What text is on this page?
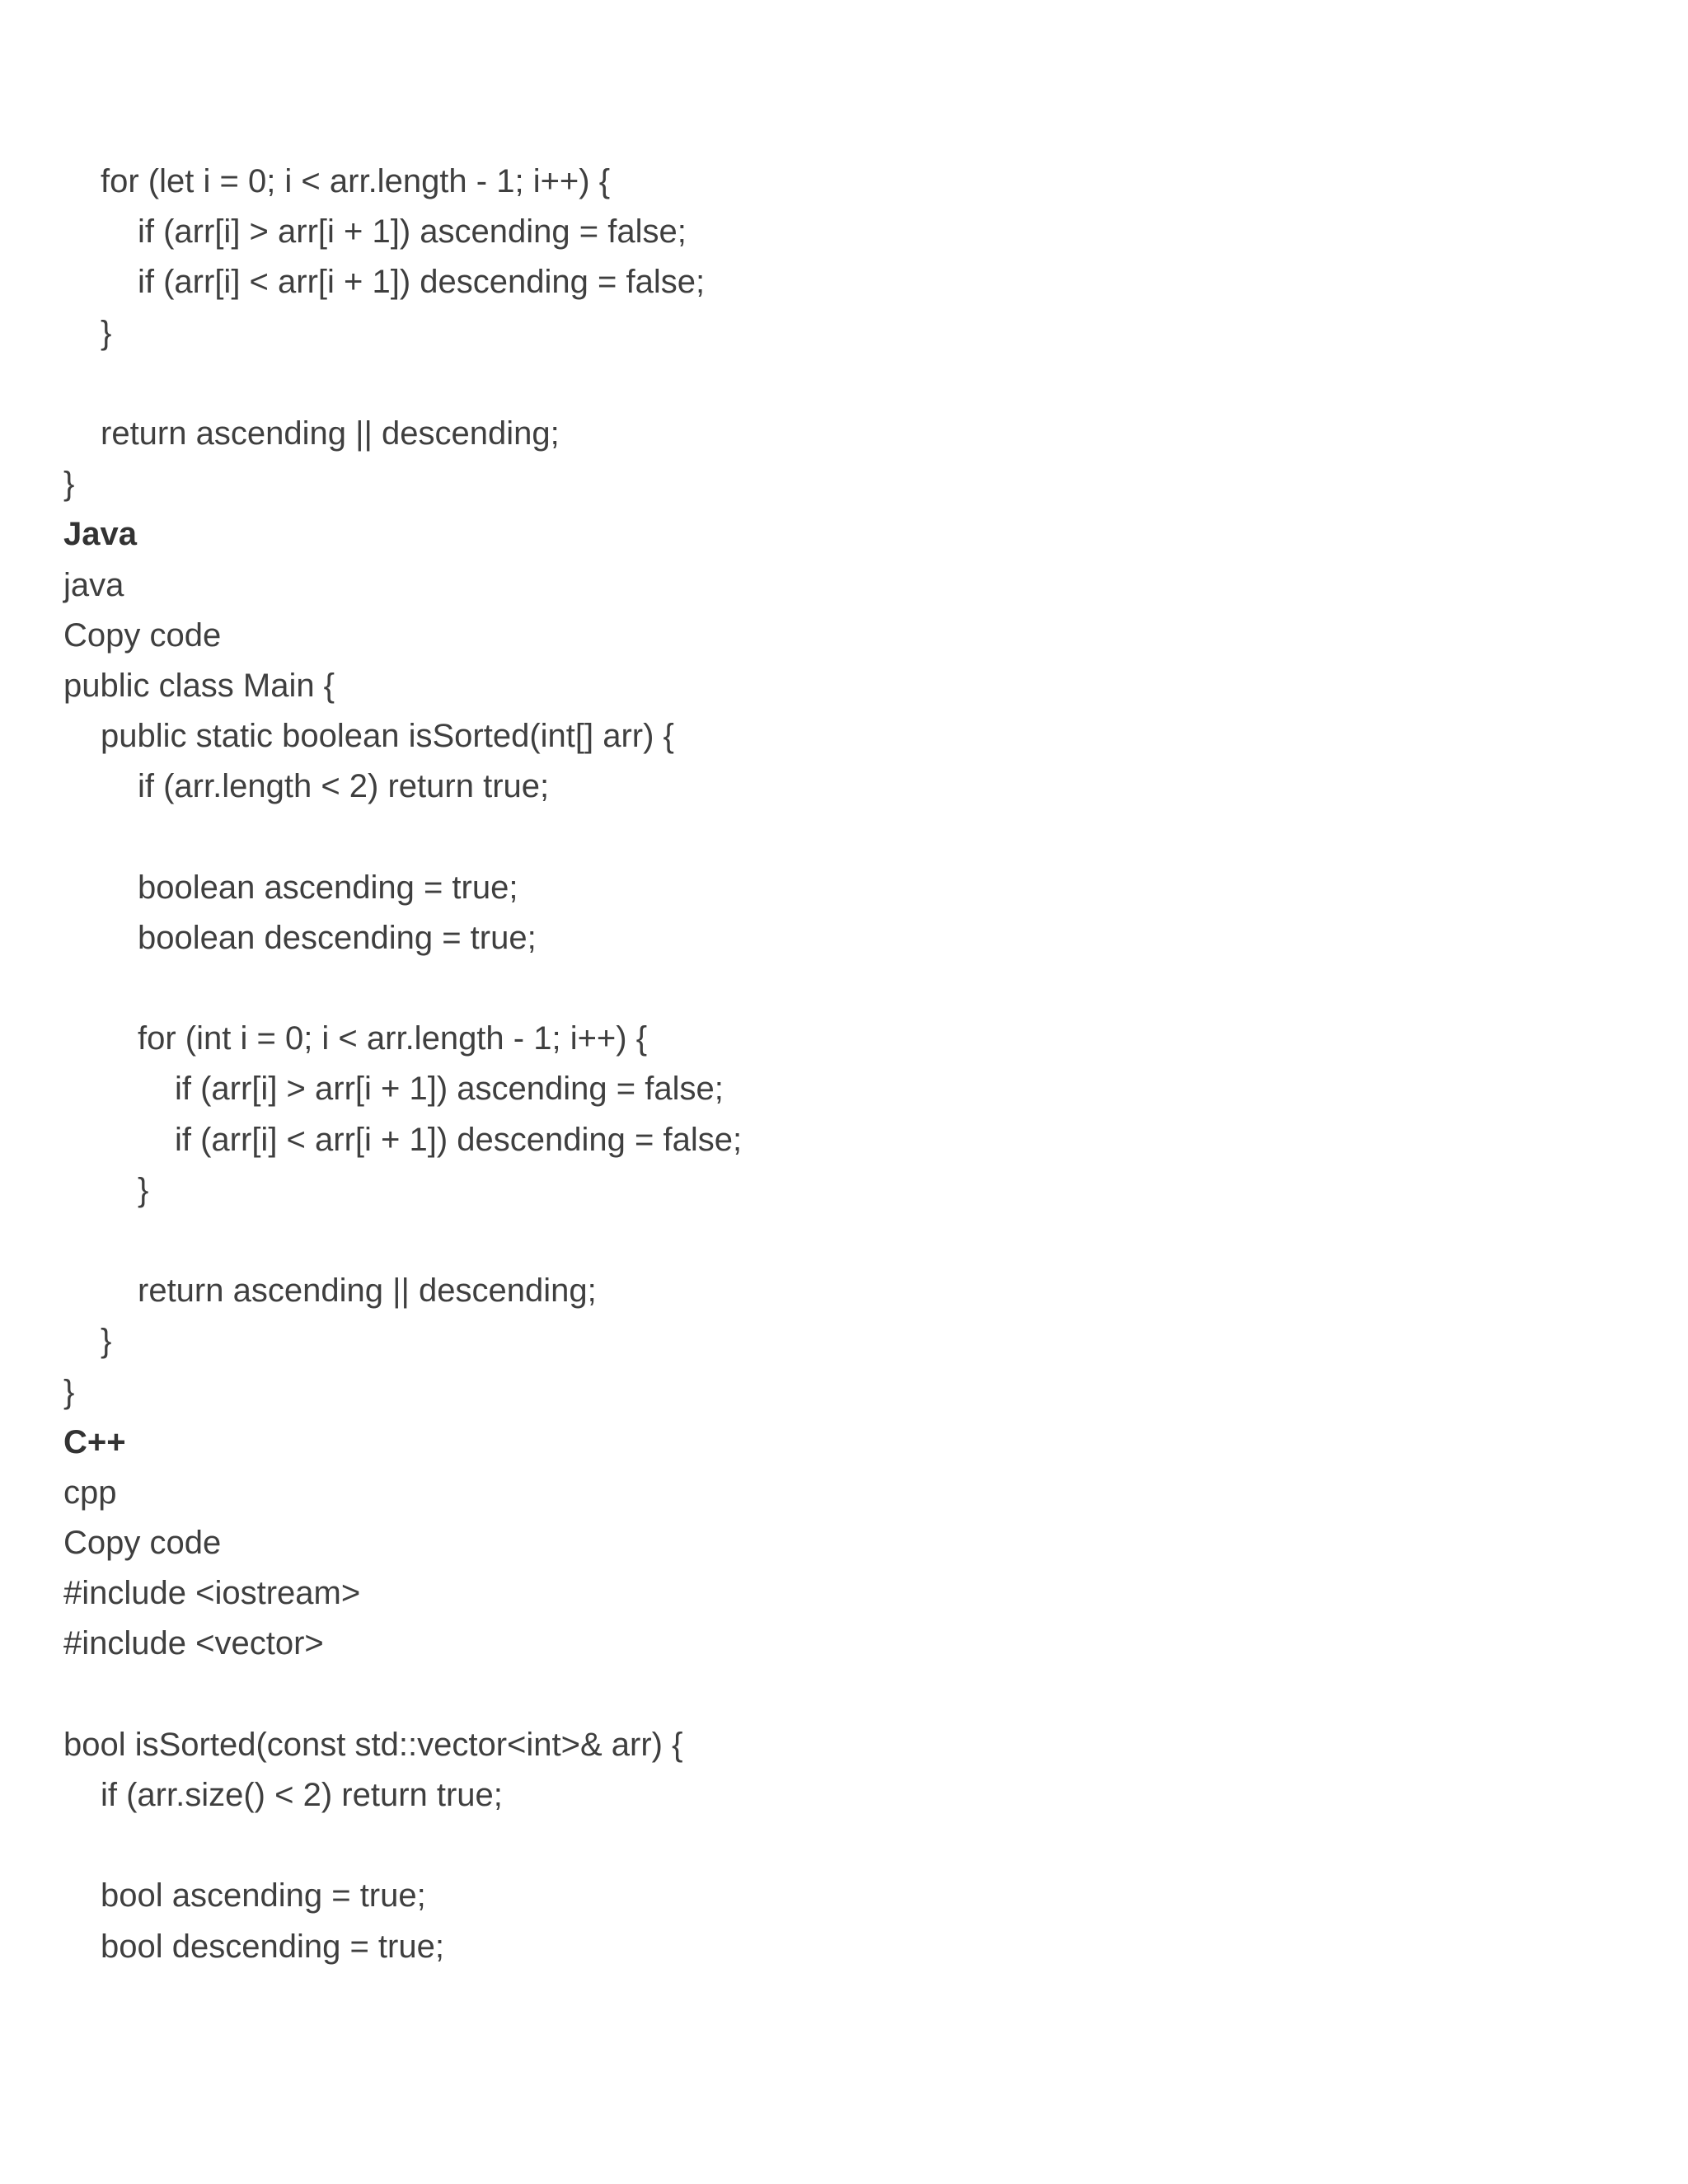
for (let i = 0; i < arr.length - 1; i++) {

if (arr[i] > arr[i + 1]) ascending = false;

if (arr[i] < arr[i + 1]) descending = false;

}

return ascending || descending;

}

Java

java

Copy code

public class Main {

public static boolean isSorted(int[] arr) {

if (arr.length < 2) return true;

boolean ascending = true;

boolean descending = true;

for (int i = 0; i < arr.length - 1; i++) {

if (arr[i] > arr[i + 1]) ascending = false;

if (arr[i] < arr[i + 1]) descending = false;

}

return ascending || descending;

}

}

C++

cpp

Copy code

#include <iostream>

#include <vector>

bool isSorted(const std::vector<int>& arr) {

if (arr.size() < 2) return true;

bool ascending = true;

bool descending = true;
